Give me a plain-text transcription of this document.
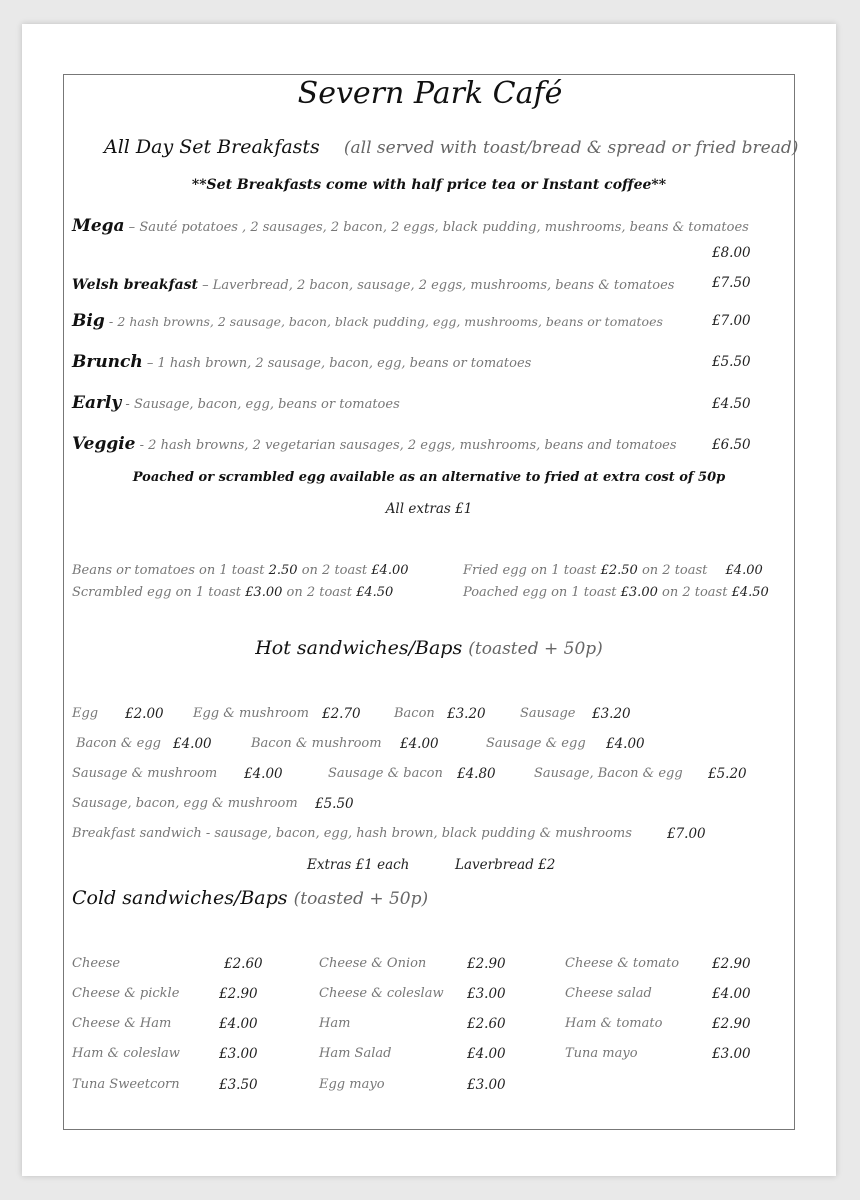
Severn Park Café
All Day Set Breakfasts (all served with toast/bread & spread or fried bread)
**Set Breakfasts come with half price tea or Instant coffee**
Mega – Sauté potatoes , 2 sausages, 2 bacon, 2 eggs, black pudding, mushrooms, beans & tomatoes
£8.00
Welsh breakfast – Laverbread, 2 bacon, sausage, 2 eggs, mushrooms, beans & tomatoes	£7.50
Big - 2 hash browns, 2 sausage, bacon, black pudding, egg, mushrooms, beans or tomatoes	£7.00
Brunch – 1 hash brown, 2 sausage, bacon, egg, beans or tomatoes	£5.50
Early - Sausage, bacon, egg, beans or tomatoes	£4.50
Veggie - 2 hash browns, 2 vegetarian sausages, 2 eggs, mushrooms, beans and tomatoes	£6.50
Poached or scrambled egg available as an alternative to fried at extra cost of 50p
All extras £1
Beans or tomatoes on 1 toast 2.50 on 2 toast £4.00	Fried egg on 1 toast £2.50 on 2 toast £4.00
Scrambled egg on 1 toast £3.00 on 2 toast £4.50	Poached egg on 1 toast £3.00 on 2 toast £4.50
Hot sandwiches/Baps (toasted + 50p)
Egg £2.00 Egg & mushroom £2.70	Bacon £3.20	Sausage £3.20
Bacon & egg £4.00	Bacon & mushroom £4.00	Sausage & egg £4.00
Sausage & mushroom £4.00	Sausage & bacon £4.80	Sausage, Bacon & egg £5.20
Sausage, bacon, egg & mushroom £5.50
Breakfast sandwich - sausage, bacon, egg, hash brown, black pudding & mushrooms	£7.00
Extras £1 each	Laverbread £2
Cold sandwiches/Baps (toasted + 50p)
Cheese	£2.60	Cheese & Onion	£2.90	Cheese & tomato £2.90
Cheese & pickle	£2.90	Cheese & coleslaw £3.00	Cheese salad	£4.00
Cheese & Ham	£4.00	Ham	£2.60	Ham & tomato	£2.90
Ham & coleslaw	£3.00	Ham Salad	£4.00	Tuna mayo	£3.00
Tuna Sweetcorn	£3.50	Egg mayo	£3.00
